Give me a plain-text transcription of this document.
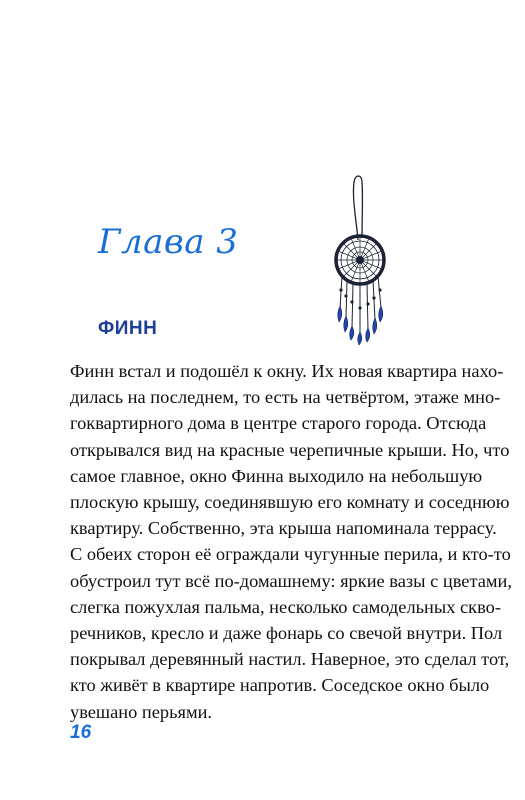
Глава 3
ФИНН

Финн встал и подошёл к окну. Их новая квартира нахо-
дилась на последнем, то есть на четвёртом, этаже мно-
гоквартирного дома в центре старого города. Отсюда
открывался вид на красные черепичные крыши. Но, что
самое главное, окно Финна выходило на небольшую
плоскую крышу, соединявшую его комнату и соседнюю
квартиру. Собственно, эта крыша напоминала террасу.
С обеих сторон её ограждали чугунные перила, и кто-то
обустроил тут всё по-домашнему: яркие вазы с цветами,
слегка пожухлая пальма, несколько самодельных скво-
речников, кресло и даже фонарь со свечой внутри. Пол
покрывал деревянный настил. Наверное, это сделал тот,
кто живёт в квартире напротив. Соседское окно было
увешано перьями.

16
